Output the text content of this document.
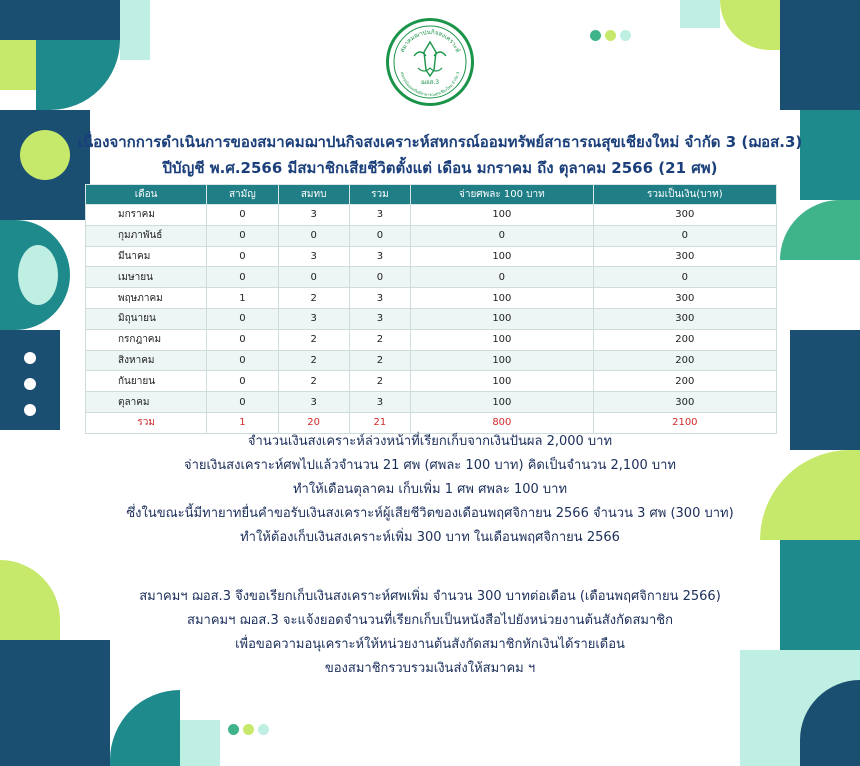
สมาคมฌาปนกิจสงเคราะห์
สหกรณ์ออมทรัพย์สาธารณสุขเชียงใหม่ จำกัด 3
ฌอส.3
เนื่องจากการดำเนินการของสมาคมฌาปนกิจสงเคราะห์สหกรณ์ออมทรัพย์สาธารณสุขเชียงใหม่ จำกัด 3 (ฌอส.3)
ปีบัญชี พ.ศ.2566 มีสมาชิกเสียชีวิตตั้งแต่ เดือน มกราคม ถึง ตุลาคม 2566 (21 ศพ)
เดือน	สามัญ	สมทบ	รวม	จ่ายศพละ 100 บาท	รวมเป็นเงิน(บาท)
มกราคม	0	3	3	100	300
กุมภาพันธ์	0	0	0	0	0
มีนาคม	0	3	3	100	300
เมษายน	0	0	0	0	0
พฤษภาคม	1	2	3	100	300
มิถุนายน	0	3	3	100	300
กรกฎาคม	0	2	2	100	200
สิงหาคม	0	2	2	100	200
กันยายน	0	2	2	100	200
ตุลาคม	0	3	3	100	300
รวม	1	20	21	800	2100
จำนวนเงินสงเคราะห์ล่วงหน้าที่เรียกเก็บจากเงินปันผล 2,000 บาท
จ่ายเงินสงเคราะห์ศพไปแล้วจำนวน 21 ศพ (ศพละ 100 บาท) คิดเป็นจำนวน 2,100 บาท
ทำให้เดือนตุลาคม เก็บเพิ่ม 1 ศพ ศพละ 100 บาท
ซึ่งในขณะนี้มีทายาทยื่นคำขอรับเงินสงเคราะห์ผู้เสียชีวิตของเดือนพฤศจิกายน 2566 จำนวน 3 ศพ (300 บาท)
ทำให้ต้องเก็บเงินสงเคราะห์เพิ่ม 300 บาท ในเดือนพฤศจิกายน 2566
สมาคมฯ ฌอส.3 จึงขอเรียกเก็บเงินสงเคราะห์ศพเพิ่ม จำนวน 300 บาทต่อเดือน (เดือนพฤศจิกายน 2566)
สมาคมฯ ฌอส.3 จะแจ้งยอดจำนวนที่เรียกเก็บเป็นหนังสือไปยังหน่วยงานต้นสังกัดสมาชิก
เพื่อขอความอนุเคราะห์ให้หน่วยงานต้นสังกัดสมาชิกหักเงินได้รายเดือน
ของสมาชิกรวบรวมเงินส่งให้สมาคม ฯ
